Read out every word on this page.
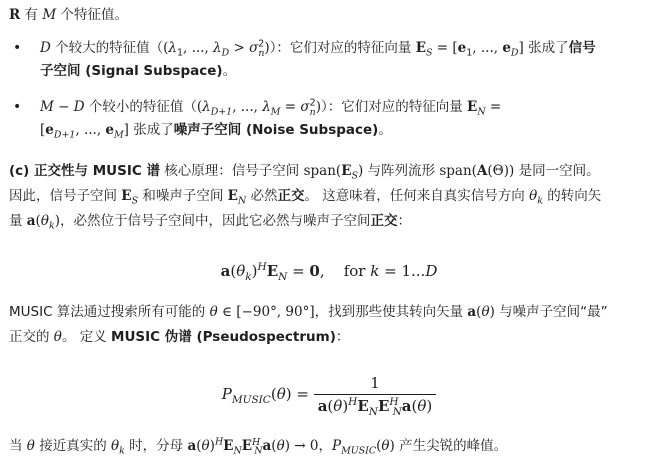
R 有 M 个特征值。
• D 个较大的特征值（($\lambda_1$, ..., $\lambda_D > \sigma^2_n$)）：它们对应的特征向量 $E_S = [e_1$, ..., $e_D$] 张成了信号
子空间 (Signal Subspace)。
• M − D 个较小的特征值（($\lambda_{D+1}$, ..., $\lambda_M = \sigma^2_n$)）：它们对应的特征向量 $E_N$ =
[$e_{D+1}$, ..., $e_M$] 张成了噪声子空间 (Noise Subspace)。
(c) 正交性与 MUSIC 谱 核心原理：信号子空间 $span(E_S)$ 与阵列流形 span(A(Θ)) 是同一空间。
因此，信号子空间 $E_S$ 和噪声子空间 $E_N$ 必然正交。 这意味着，任何来自真实信号方向 $\theta_k$ 的转向矢
量 $a(\theta_k)$，必然位于信号子空间中，因此它必然与噪声子空间正交：
$a(\theta_k)^HE_N = 0$, for k = 1...D
MUSIC 算法通过搜索所有可能的 θ ∈ [−90°, 90°]，找到那些使其转向矢量 a(θ) 与噪声子空间“最”
正交的 θ。 定义 MUSIC 伪谱 (Pseudospectrum)：
$P_{MUSIC}(\theta) = \frac{1}{a(\theta)^HE_NE^H_Na(\theta)}$
当 θ 接近真实的 $\theta_k$ 时，分母 $a(\theta)^HE_NE^H_Na(\theta) \to 0$，$P_{MUSIC}(\theta)$ 产生尖锐的峰值。
